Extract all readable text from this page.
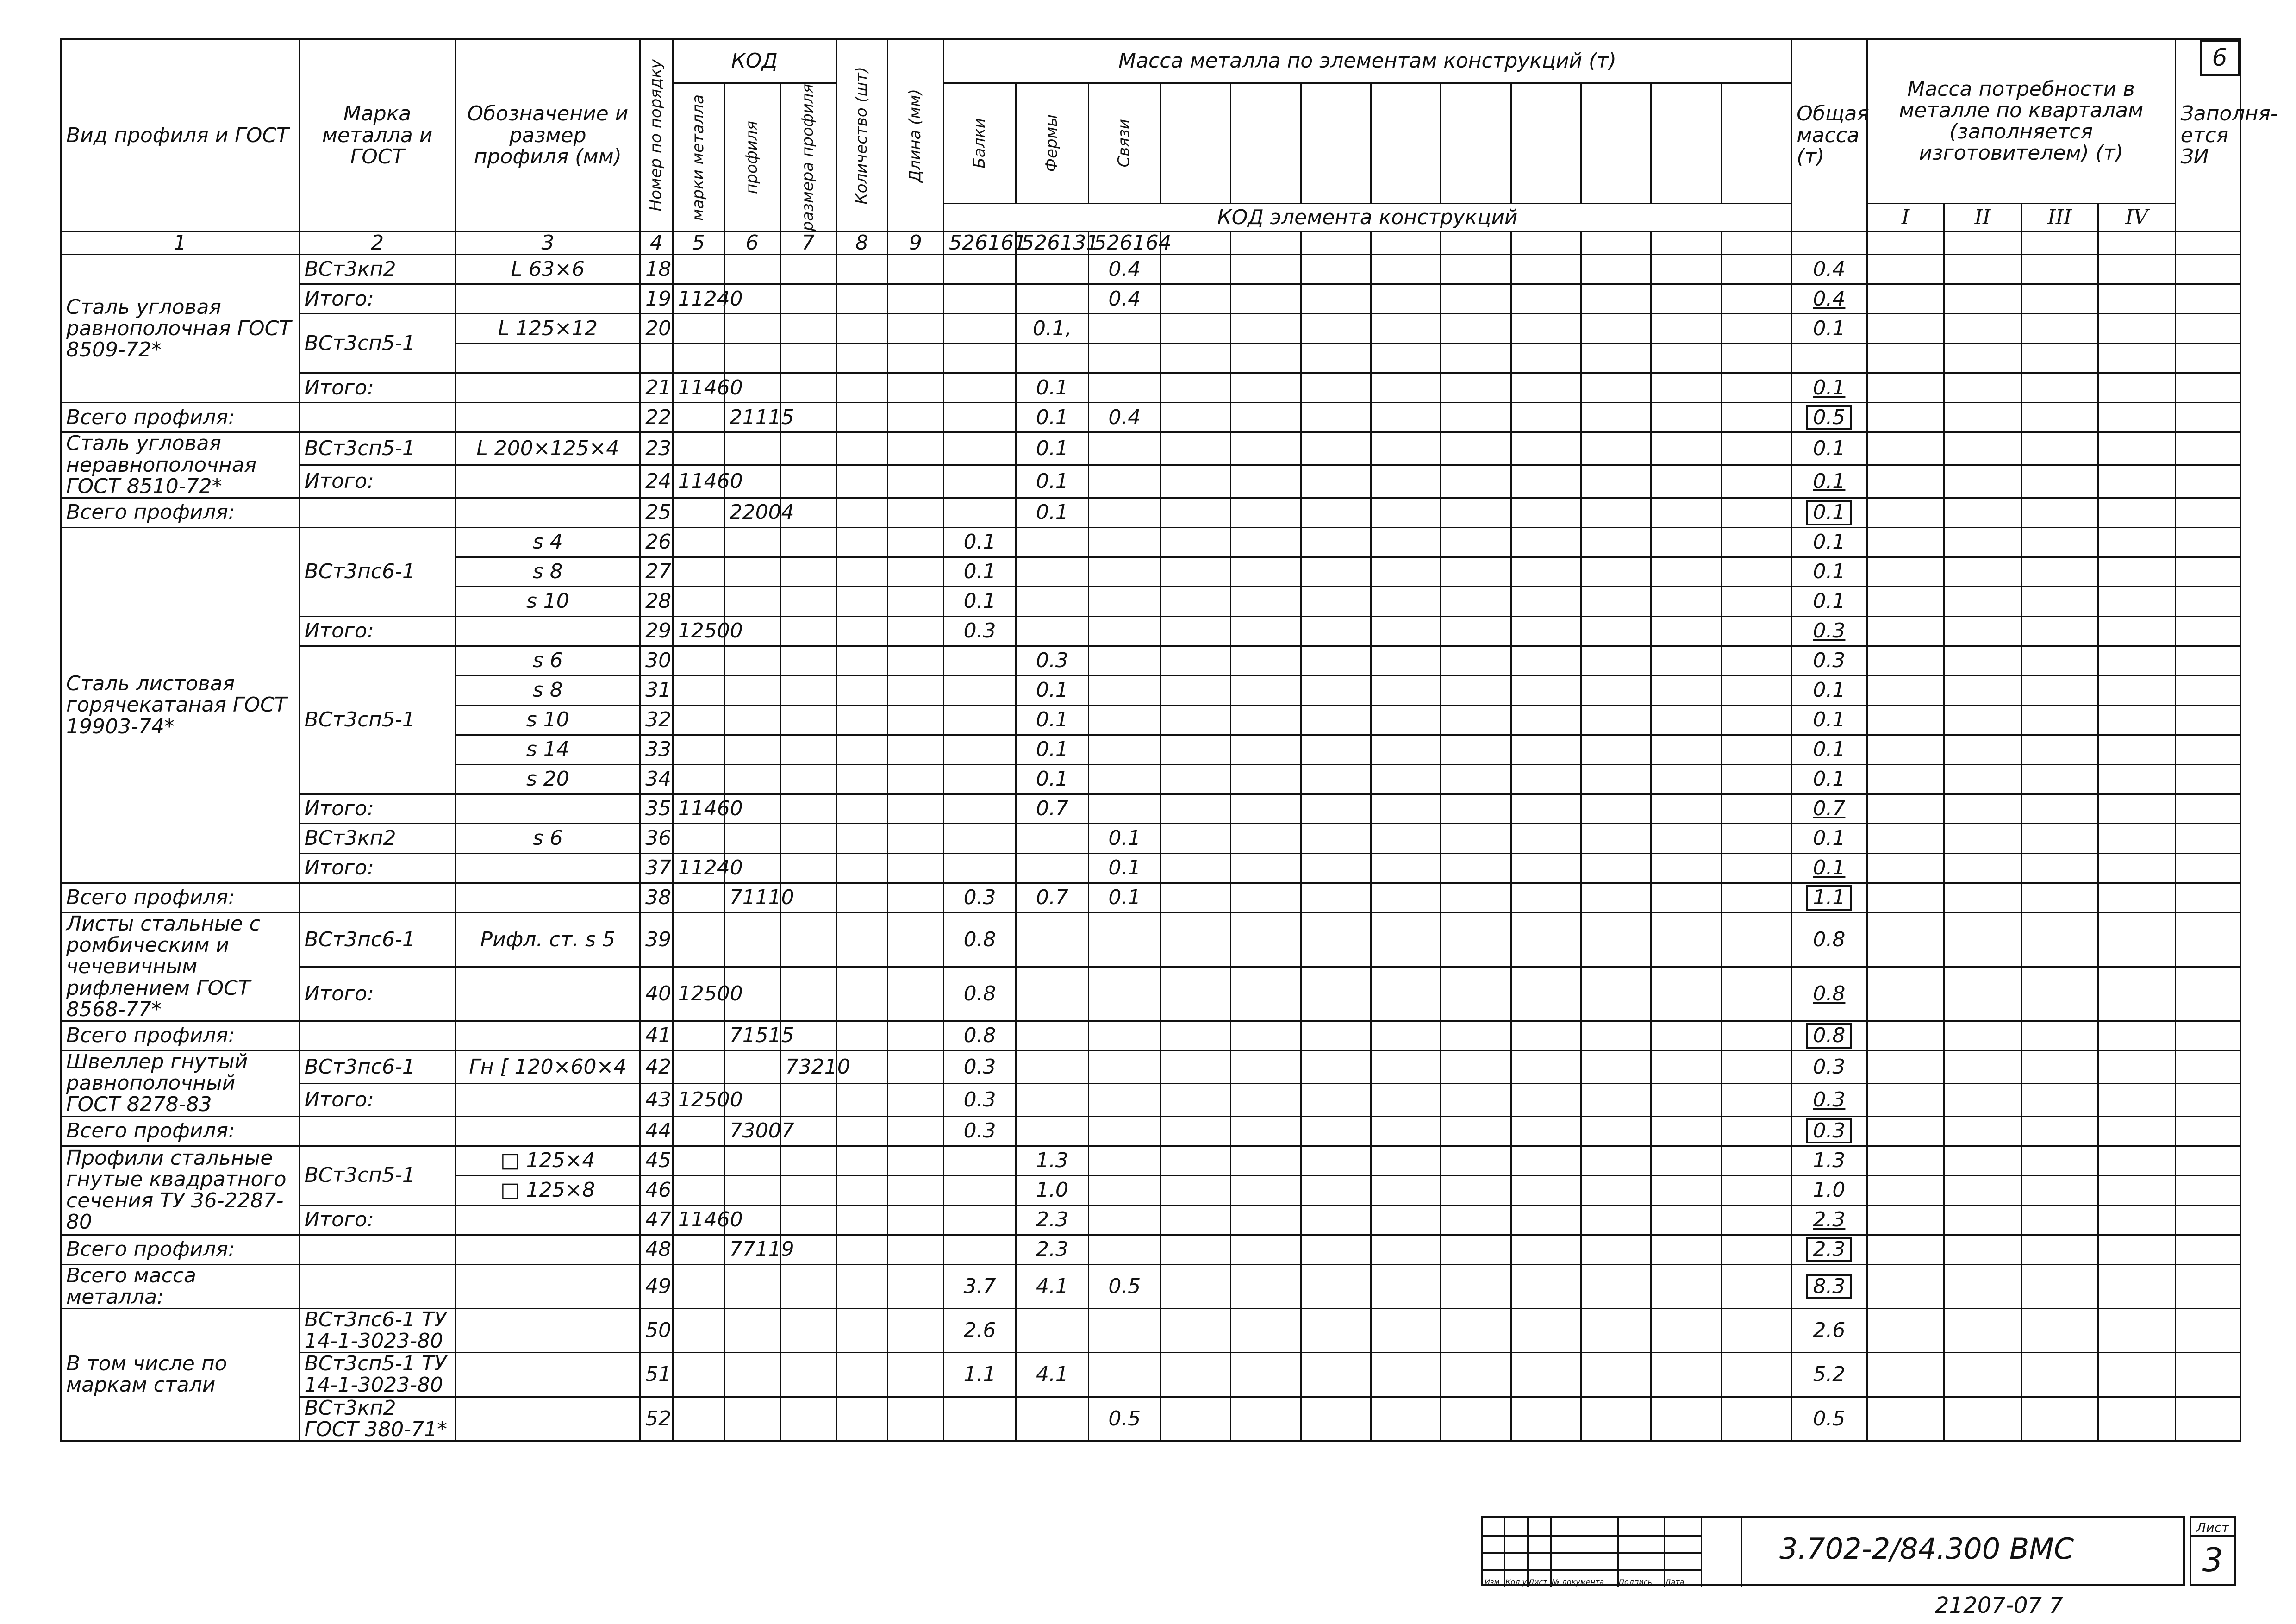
Вид профиля и ГОСТ	Марка металла и ГОСТ	Обозначение и размер профиля (мм)	Номер по порядку	КОД			Количество (шт)	Длина (мм)	Масса металла по элементам конструкций (т)												Общая масса (т)	Масса потребности в металле по кварталам (заполняется изготовителем) (т)				Заполня-ется ЗИ

				марки металла	профиля	размера профиля			Балки	Фермы	Связи															

									КОД элемента конструкций													I	II	III	IV	
1	2	3	4	5	6	7	8	9	526161	526131	526164															
Сталь угловая равнополочная ГОСТ 8509-72*	ВСт3кп2	L 63×6	18								0.4										0.4					
	Итого:		19	11240							0.4										0.4					
	ВСт3сп5-1	L 125×12	20							0.1,											0.1					

	Итого:		21	11460						0.1											0.1					
Всего профиля:			22		21115					0.1	0.4										0.5					
Сталь угловая неравнополочная ГОСТ 8510-72*	ВСт3сп5-1	L 200×125×4	23							0.1											0.1					
	Итого:		24	11460						0.1											0.1					
Всего профиля:			25		22004					0.1											0.1					
Сталь листовая горячекатаная ГОСТ 19903-74*	ВСт3пс6-1	s 4	26						0.1												0.1					
		s 8	27						0.1												0.1					
		s 10	28						0.1												0.1					
	Итого:		29	12500					0.3												0.3					
	ВСт3сп5-1	s 6	30							0.3											0.3					
		s 8	31							0.1											0.1					
		s 10	32							0.1											0.1					
		s 14	33							0.1											0.1					
		s 20	34							0.1											0.1					
	Итого:		35	11460						0.7											0.7					
	ВСт3кп2	s 6	36								0.1										0.1					
	Итого:		37	11240							0.1										0.1					
Всего профиля:			38		71110				0.3	0.7	0.1										1.1					
Листы стальные с ромбическим и чечевичным рифлением ГОСТ 8568-77*	ВСт3пс6-1	Рифл. ст. s 5	39						0.8												0.8					
	Итого:		40	12500					0.8												0.8					
Всего профиля:			41		71515				0.8												0.8					
Швеллер гнутый равнополочный ГОСТ 8278-83	ВСт3пс6-1	Гн [ 120×60×4	42			73210			0.3												0.3					
	Итого:		43	12500					0.3												0.3					
Всего профиля:			44		73007				0.3												0.3					
Профили стальные гнутые квадратного сечения ТУ 36-2287-80	ВСт3сп5-1	□ 125×4	45							1.3											1.3					
		□ 125×8	46							1.0											1.0					
	Итого:		47	11460						2.3											2.3					
Всего профиля:			48		77119					2.3											2.3					
Всего масса металла:			49						3.7	4.1	0.5										8.3					
В том числе по маркам стали	ВСт3пс6-1 ТУ 14-1-3023-80		50						2.6												2.6					
	ВСт3сп5-1 ТУ 14-1-3023-80		51						1.1	4.1											5.2					
	ВСт3кп2 ГОСТ 380-71*		52								0.5										0.5					
6
Изм. Кол.уч
Лист № документа Подпись Дата
3.702-2/84.300 ВМС
Лист
3
21207-07 7
